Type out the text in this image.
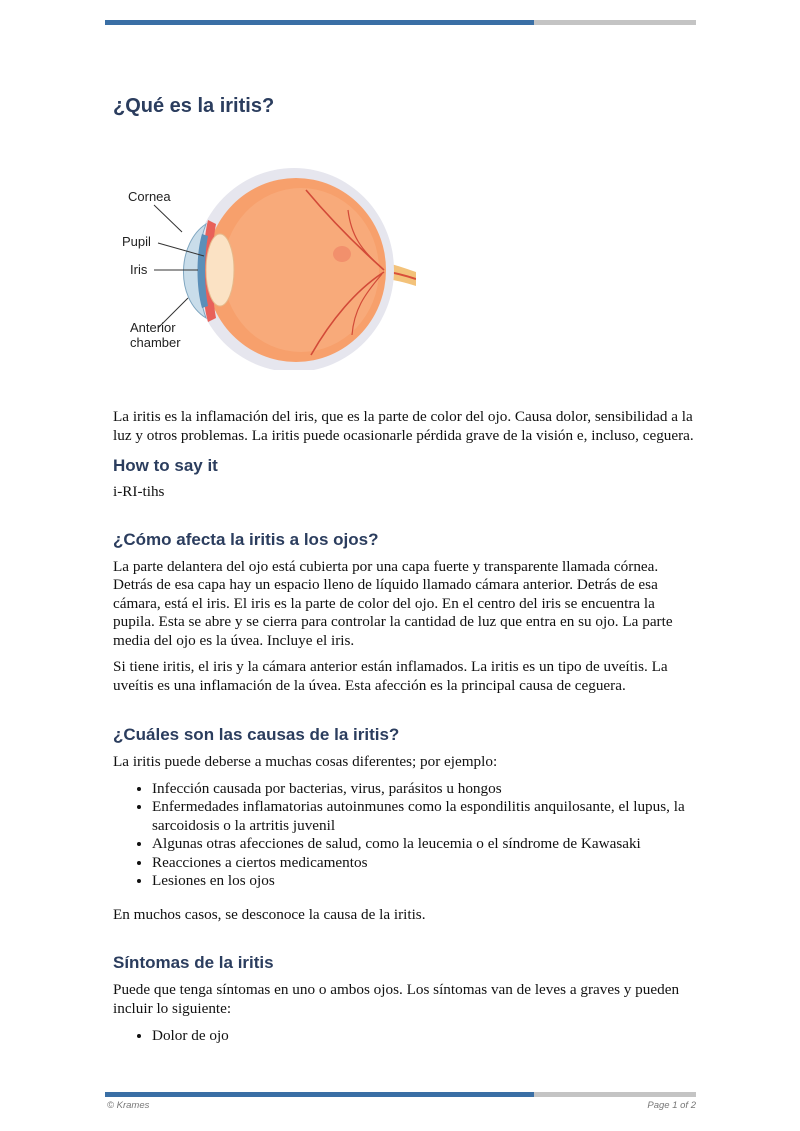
¿Qué es la iritis?
Cornea
Pupil
Iris
Anterior
chamber

La iritis es la inflamación del iris, que es la parte de color del ojo. Causa dolor, sensibilidad a la luz y otros problemas. La iritis puede ocasionarle pérdida grave de la visión e, incluso, ceguera.

How to say it

i-RI-tihs

¿Cómo afecta la iritis a los ojos?

La parte delantera del ojo está cubierta por una capa fuerte y transparente llamada córnea. Detrás de esa capa hay un espacio lleno de líquido llamado cámara anterior. Detrás de esa cámara, está el iris. El iris es la parte de color del ojo. En el centro del iris se encuentra la pupila. Esta se abre y se cierra para controlar la cantidad de luz que entra en su ojo. La parte media del ojo es la úvea. Incluye el iris.

Si tiene iritis, el iris y la cámara anterior están inflamados. La iritis es un tipo de uveítis. La uveítis es una inflamación de la úvea. Esta afección es la principal causa de ceguera.

¿Cuáles son las causas de la iritis?

La iritis puede deberse a muchas cosas diferentes; por ejemplo:

• Infección causada por bacterias, virus, parásitos u hongos
• Enfermedades inflamatorias autoinmunes como la espondilitis anquilosante, el lupus, la sarcoidosis o la artritis juvenil
• Algunas otras afecciones de salud, como la leucemia o el síndrome de Kawasaki
• Reacciones a ciertos medicamentos
• Lesiones en los ojos

En muchos casos, se desconoce la causa de la iritis.

Síntomas de la iritis

Puede que tenga síntomas en uno o ambos ojos. Los síntomas van de leves a graves y pueden incluir lo siguiente:

• Dolor de ojo
© Krames	Page 1 of 2
